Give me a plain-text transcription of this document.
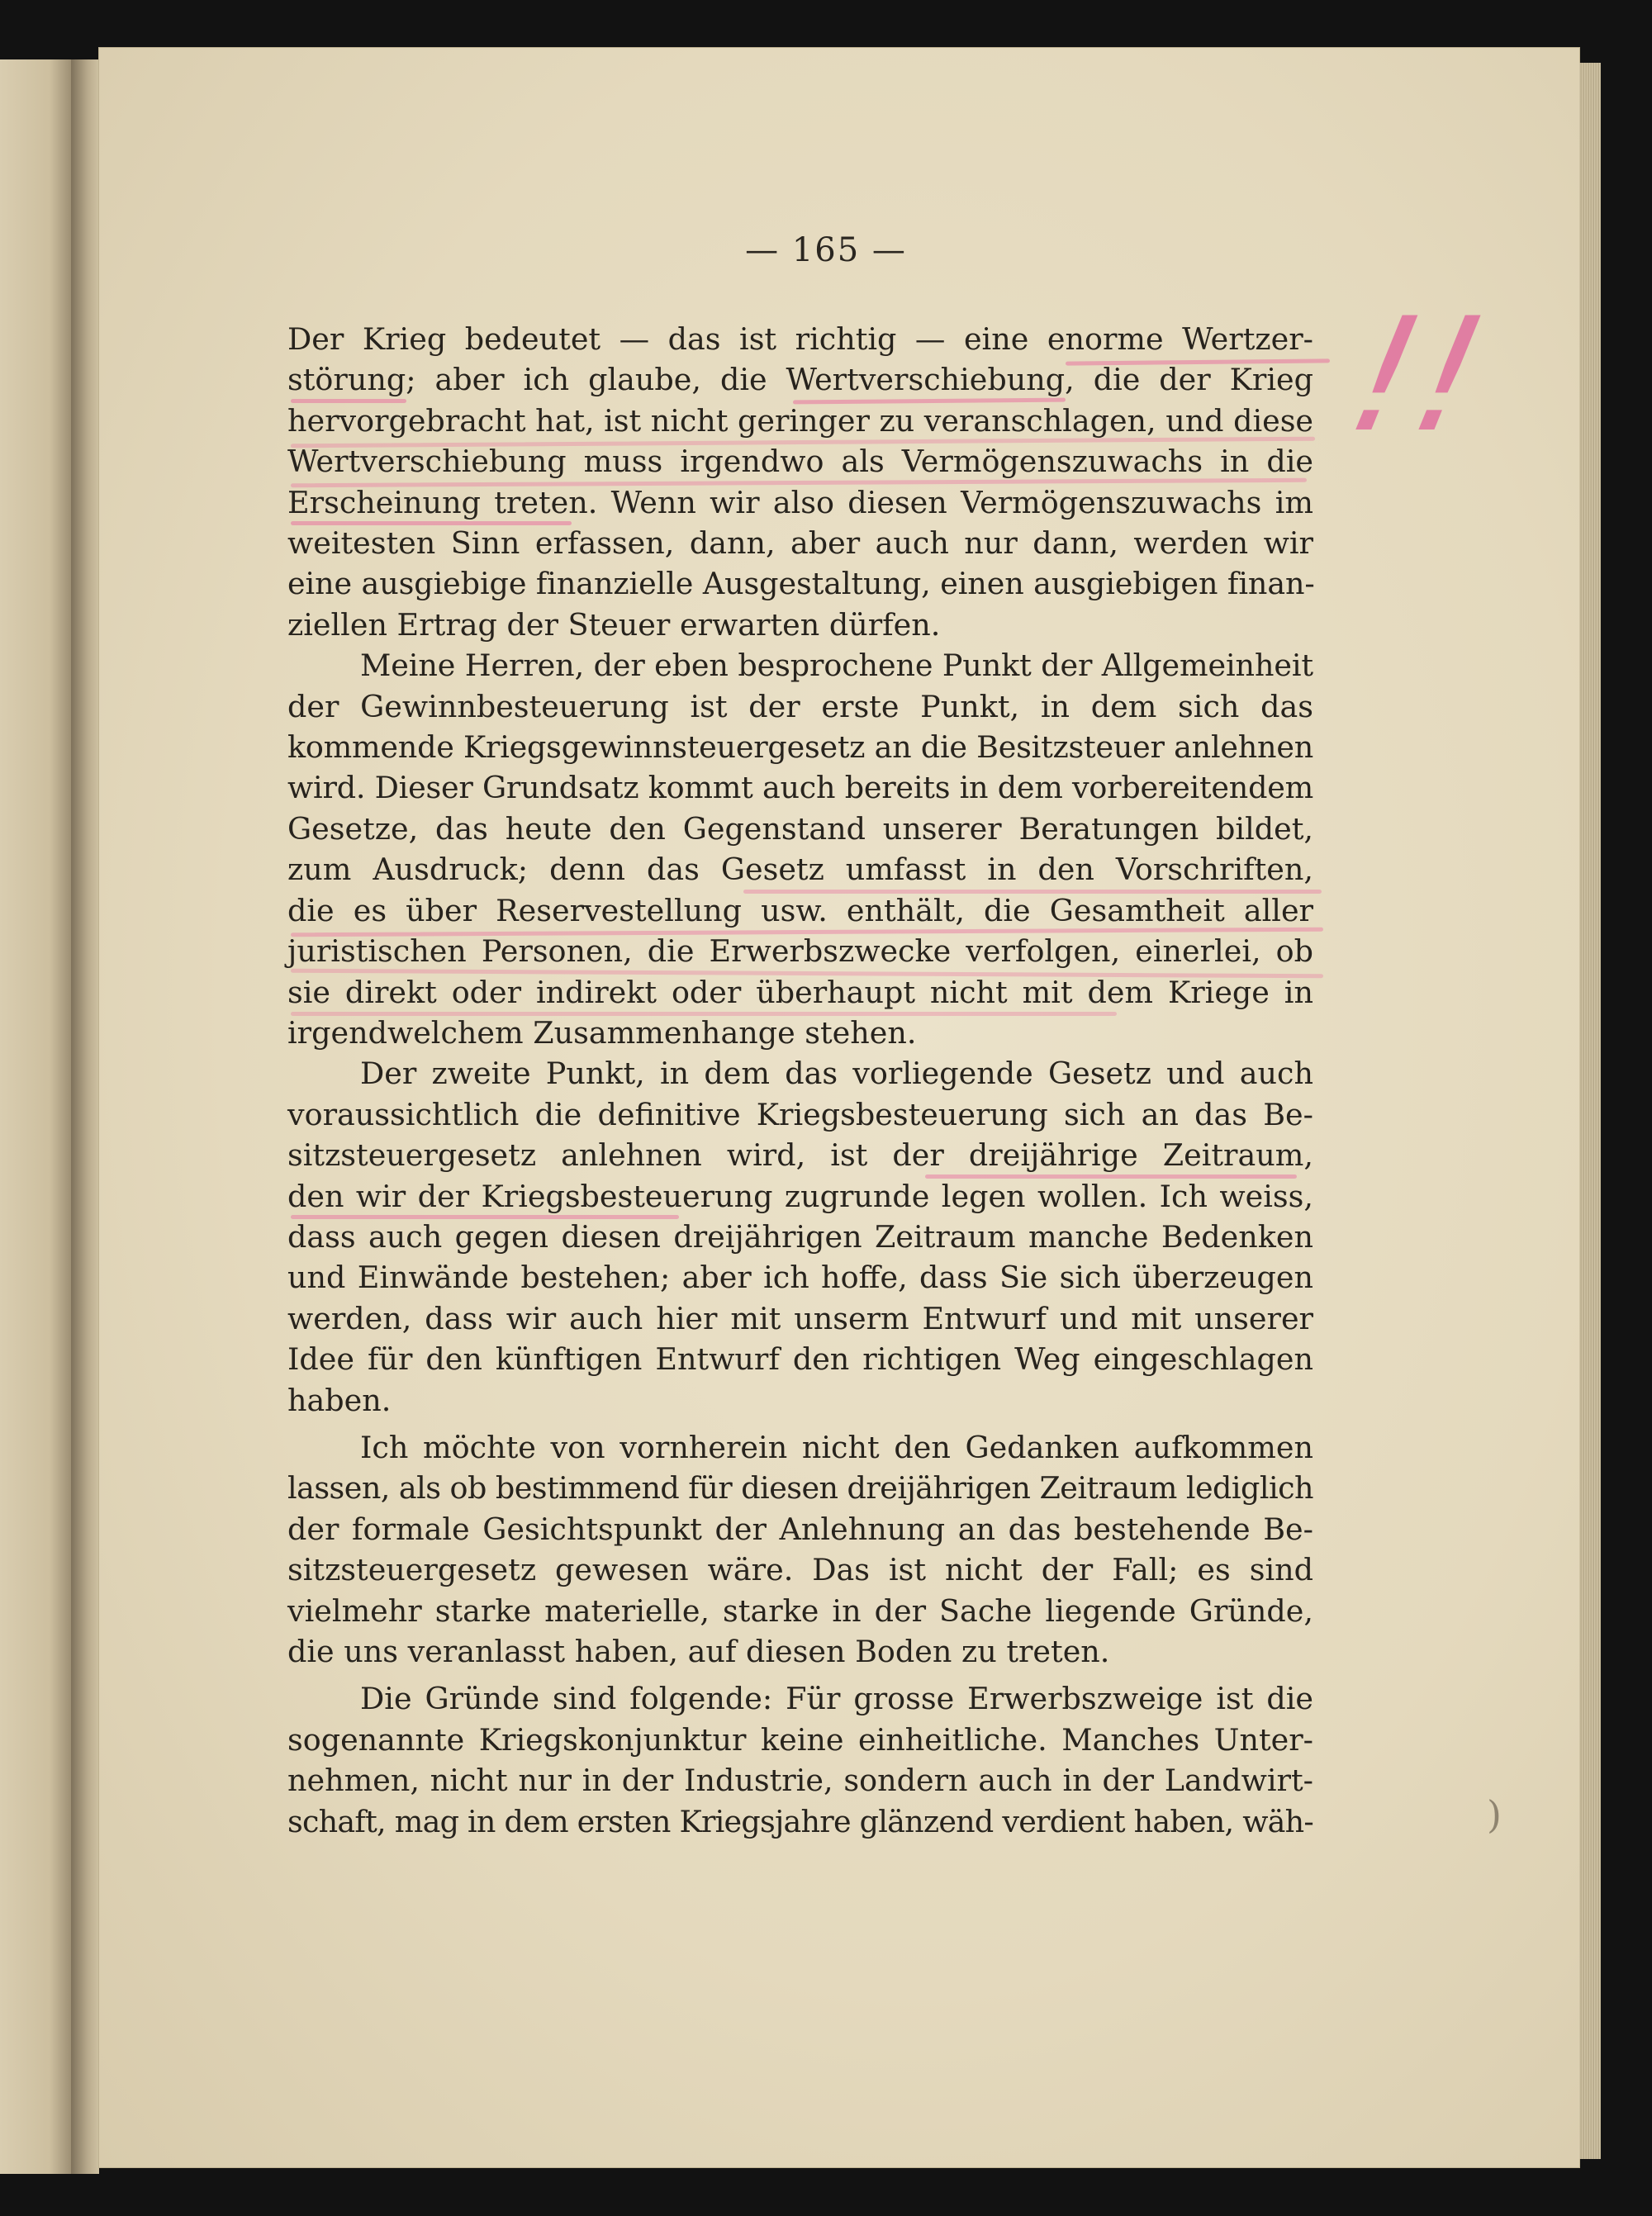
— 165 —
!!
)

Der Krieg bedeutet — das ist richtig — eine enorme Wertzer-
störung; aber ich glaube, die Wertverschiebung, die der Krieg
hervorgebracht hat, ist nicht geringer zu veranschlagen, und diese
Wertverschiebung muss irgendwo als Vermögenszuwachs in die
Erscheinung treten. Wenn wir also diesen Vermögenszuwachs im
weitesten Sinn erfassen, dann, aber auch nur dann, werden wir
eine ausgiebige finanzielle Ausgestaltung, einen ausgiebigen finan-
ziellen Ertrag der Steuer erwarten dürfen.

Meine Herren, der eben besprochene Punkt der Allgemeinheit
der Gewinnbesteuerung ist der erste Punkt, in dem sich das
kommende Kriegsgewinnsteuergesetz an die Besitzsteuer anlehnen
wird. Dieser Grundsatz kommt auch bereits in dem vorbereitendem
Gesetze, das heute den Gegenstand unserer Beratungen bildet,
zum Ausdruck; denn das Gesetz umfasst in den Vorschriften,
die es über Reservestellung usw. enthält, die Gesamtheit aller
juristischen Personen, die Erwerbszwecke verfolgen, einerlei, ob
sie direkt oder indirekt oder überhaupt nicht mit dem Kriege in
irgendwelchem Zusammenhange stehen.

Der zweite Punkt, in dem das vorliegende Gesetz und auch
voraussichtlich die definitive Kriegsbesteuerung sich an das Be-
sitzsteuergesetz anlehnen wird, ist der dreijährige Zeitraum,
den wir der Kriegsbesteuerung zugrunde legen wollen. Ich weiss,
dass auch gegen diesen dreijährigen Zeitraum manche Bedenken
und Einwände bestehen; aber ich hoffe, dass Sie sich überzeugen
werden, dass wir auch hier mit unserm Entwurf und mit unserer
Idee für den künftigen Entwurf den richtigen Weg eingeschlagen
haben.

Ich möchte von vornherein nicht den Gedanken aufkommen
lassen, als ob bestimmend für diesen dreijährigen Zeitraum lediglich
der formale Gesichtspunkt der Anlehnung an das bestehende Be-
sitzsteuergesetz gewesen wäre. Das ist nicht der Fall; es sind
vielmehr starke materielle, starke in der Sache liegende Gründe,
die uns veranlasst haben, auf diesen Boden zu treten.

Die Gründe sind folgende: Für grosse Erwerbszweige ist die
sogenannte Kriegskonjunktur keine einheitliche. Manches Unter-
nehmen, nicht nur in der Industrie, sondern auch in der Landwirt-
schaft, mag in dem ersten Kriegsjahre glänzend verdient haben, wäh-
